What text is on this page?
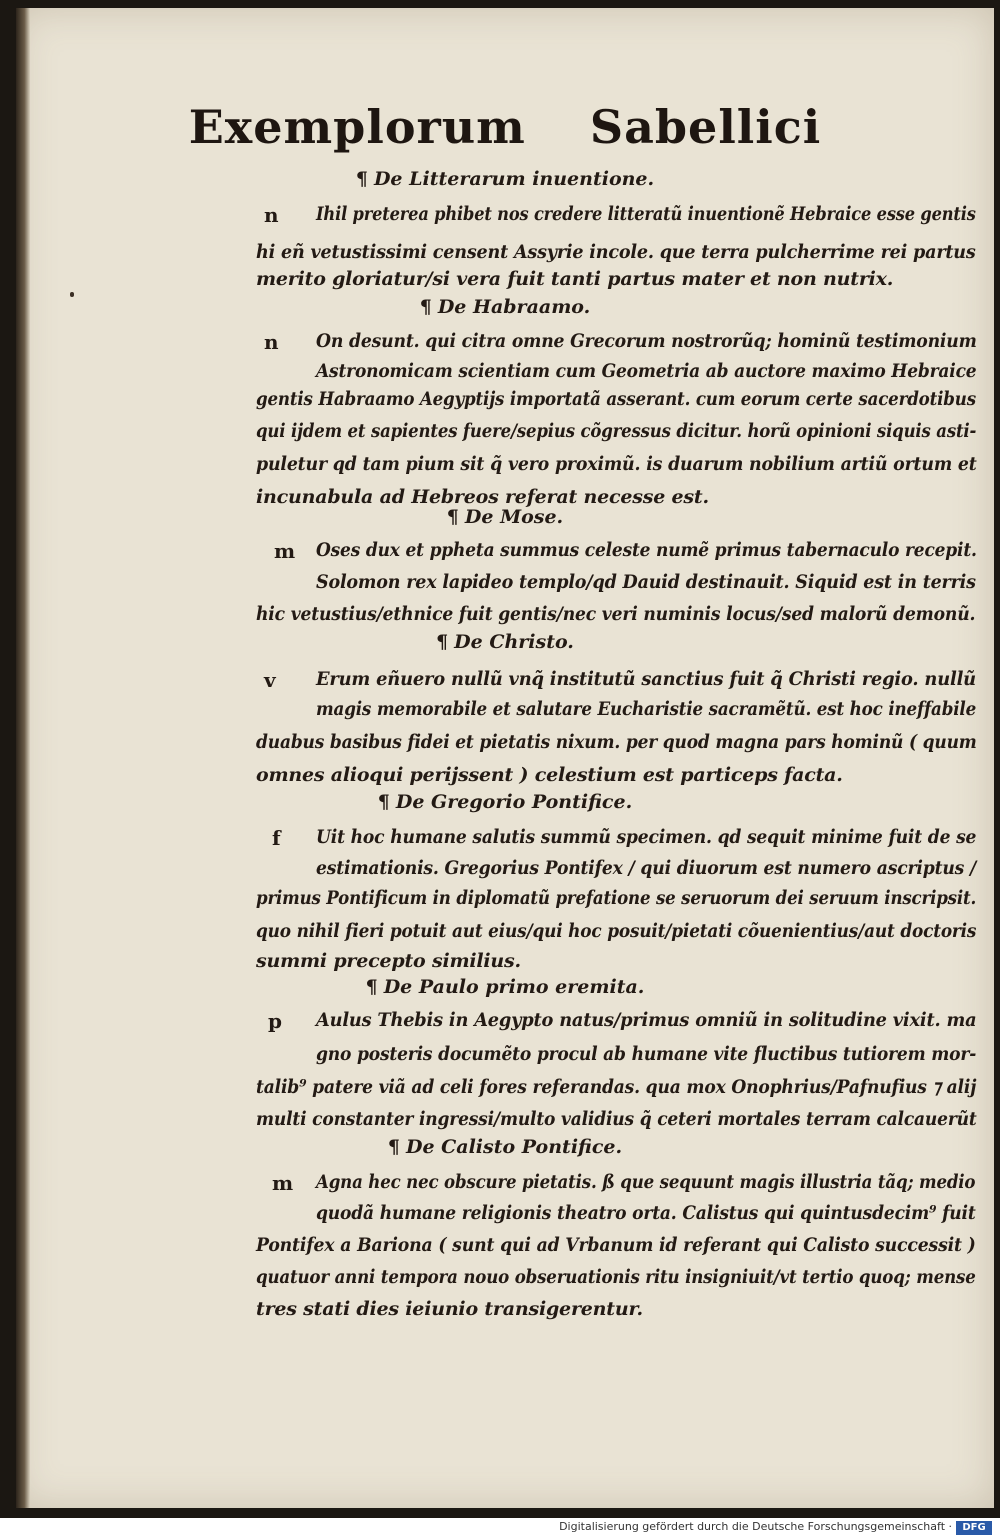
Exemplorum Sabellici
¶ De Litterarum inuentione.
n Ihil preterea phibet nos credere litteratũ inuentionẽ Hebraice esse gentis
hi eñ vetustissimi censent Assyrie incole. que terra pulcherrime rei partus
merito gloriatur/si vera fuit tanti partus mater et non nutrix.
¶ De Habraamo.
n On desunt. qui citra omne Grecorum nostrorũq; hominũ testimonium
Astronomicam scientiam cum Geometria ab auctore maximo Hebraice
gentis Habraamo Aegyptijs importatã asserant. cum eorum certe sacerdotibus
qui ijdem et sapientes fuere/sepius cõgressus dicitur. horũ opinioni siquis asti-
puletur qd tam pium sit q̃ vero proximũ. is duarum nobilium artiũ ortum et
incunabula ad Hebreos referat necesse est.
¶ De Mose.
m Oses dux et ppheta summus celeste numẽ primus tabernaculo recepit.
Solomon rex lapideo templo/qd Dauid destinauit. Siquid est in terris
hic vetustius/ethnice fuit gentis/nec veri numinis locus/sed malorũ demonũ.
¶ De Christo.
v Erum eñuero nullũ vnq̃ institutũ sanctius fuit q̃ Christi regio. nullũ
magis memorabile et salutare Eucharistie sacramẽtũ. est hoc ineffabile
duabus basibus fidei et pietatis nixum. per quod magna pars hominũ ( quum
omnes alioqui perijssent ) celestium est particeps facta.
¶ De Gregorio Pontifice.
f Uit hoc humane salutis summũ specimen. qd sequit minime fuit de se
estimationis. Gregorius Pontifex / qui diuorum est numero ascriptus /
primus Pontificum in diplomatũ prefatione se seruorum dei seruum inscripsit.
quo nihil fieri potuit aut eius/qui hoc posuit/pietati cõuenientius/aut doctoris
summi precepto similius.
¶ De Paulo primo eremita.
p Aulus Thebis in Aegypto natus/primus omniũ in solitudine vixit. ma
gno posteris documẽto procul ab humane vite fluctibus tutiorem mor-
talib⁹ patere viã ad celi fores referandas. qua mox Onophrius/Pafnufius ⁊ alij
multi constanter ingressi/multo validius q̃ ceteri mortales terram calcauerũt
¶ De Calisto Pontifice.
m Agna hec nec obscure pietatis. ß que sequunt magis illustria tãq; medio
quodã humane religionis theatro orta. Calistus qui quintusdecim⁹ fuit
Pontifex a Bariona ( sunt qui ad Vrbanum id referant qui Calisto successit )
quatuor anni tempora nouo obseruationis ritu insigniuit/vt tertio quoq; mense
tres stati dies ieiunio transigerentur.
Digitalisierung gefördert durch die Deutsche Forschungsgemeinschaft ·	DFG
